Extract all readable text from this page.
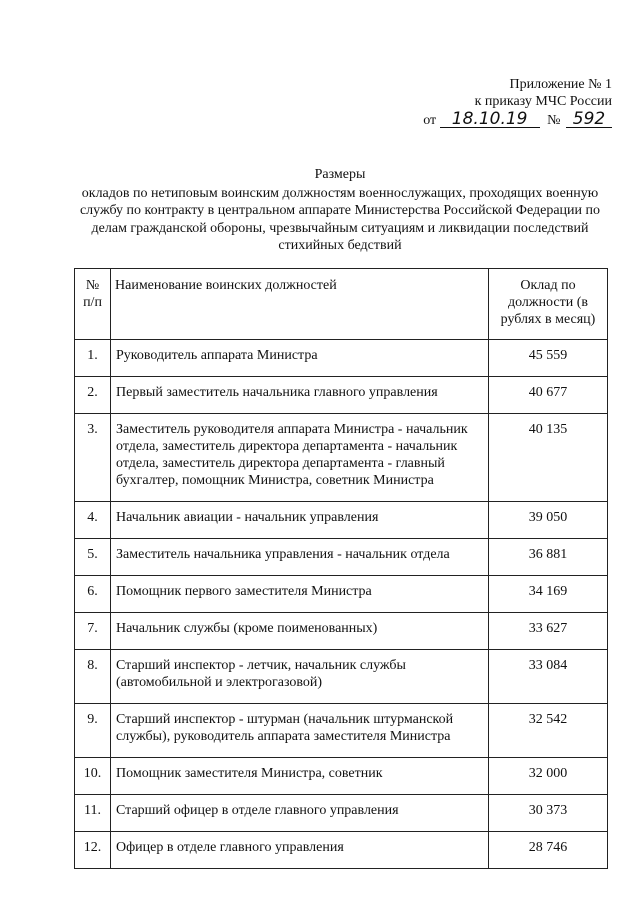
Приложение № 1
к приказу МЧС России
от 18.10.19 № 592
Размеры
окладов по нетиповым воинским должностям военнослужащих, проходящих военную службу по контракту в центральном аппарате Министерства Российской Федерации по делам гражданской обороны, чрезвычайным ситуациям и ликвидации последствий стихийных бедствий
№ п/п	Наименование воинских должностей	Оклад по должности (в рублях в месяц)
1.	Руководитель аппарата Министра	45 559
2.	Первый заместитель начальника главного управления	40 677
3.	Заместитель руководителя аппарата Министра - начальник отдела, заместитель директора департамента - начальник отдела, заместитель директора департамента - главный бухгалтер, помощник Министра, советник Министра	40 135
4.	Начальник авиации - начальник управления	39 050
5.	Заместитель начальника управления - начальник отдела	36 881
6.	Помощник первого заместителя Министра	34 169
7.	Начальник службы (кроме поименованных)	33 627
8.	Старший инспектор - летчик, начальник службы (автомобильной и электрогазовой)	33 084
9.	Старший инспектор - штурман (начальник штурманской службы), руководитель аппарата заместителя Министра	32 542
10.	Помощник заместителя Министра, советник	32 000
11.	Старший офицер в отделе главного управления	30 373
12.	Офицер в отделе главного управления	28 746
